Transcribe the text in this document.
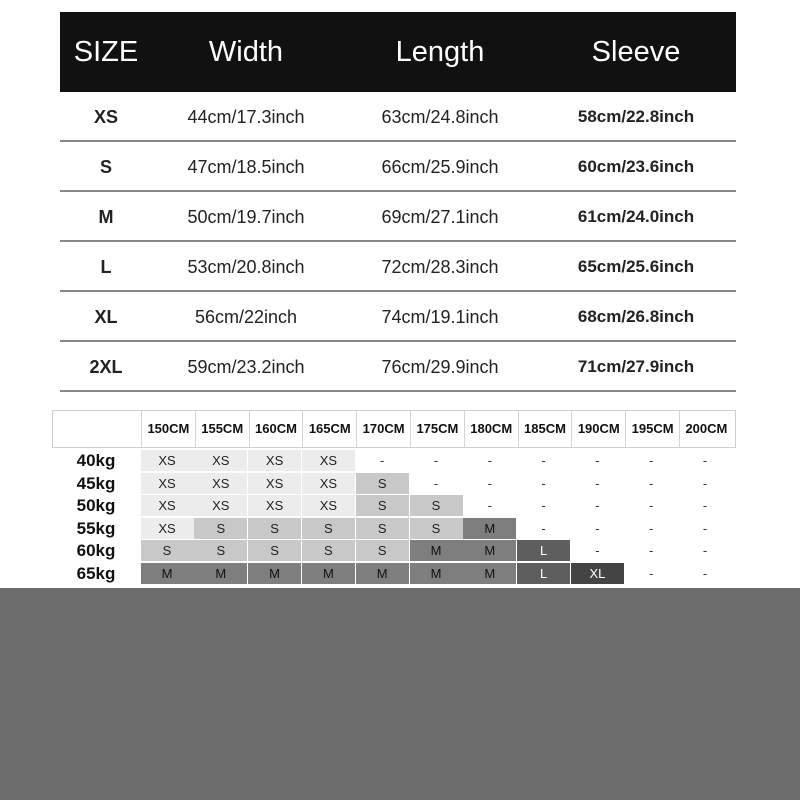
SIZE	Width	Length	Sleeve
XS	44cm/17.3inch	63cm/24.8inch	58cm/22.8inch
S	47cm/18.5inch	66cm/25.9inch	60cm/23.6inch
M	50cm/19.7inch	69cm/27.1inch	61cm/24.0inch
L	53cm/20.8inch	72cm/28.3inch	65cm/25.6inch
XL	56cm/22inch	74cm/19.1inch	68cm/26.8inch
2XL	59cm/23.2inch	76cm/29.9inch	71cm/27.9inch
150CM 155CM 160CM 165CM 170CM 175CM 180CM 185CM 190CM 195CM 200CM
40kg	XS	XS	XS	XS	-	-	-	-	-	-	-
45kg	XS	XS	XS	XS	S	-	-	-	-	-	-
50kg	XS	XS	XS	XS	S	S	-	-	-	-	-
55kg	XS	S	S	S	S	S	M	-	-	-	-
60kg	S	S	S	S	S	M	M	L	-	-	-
65kg	M	M	M	M	M	M	M	L	XL	-	-
